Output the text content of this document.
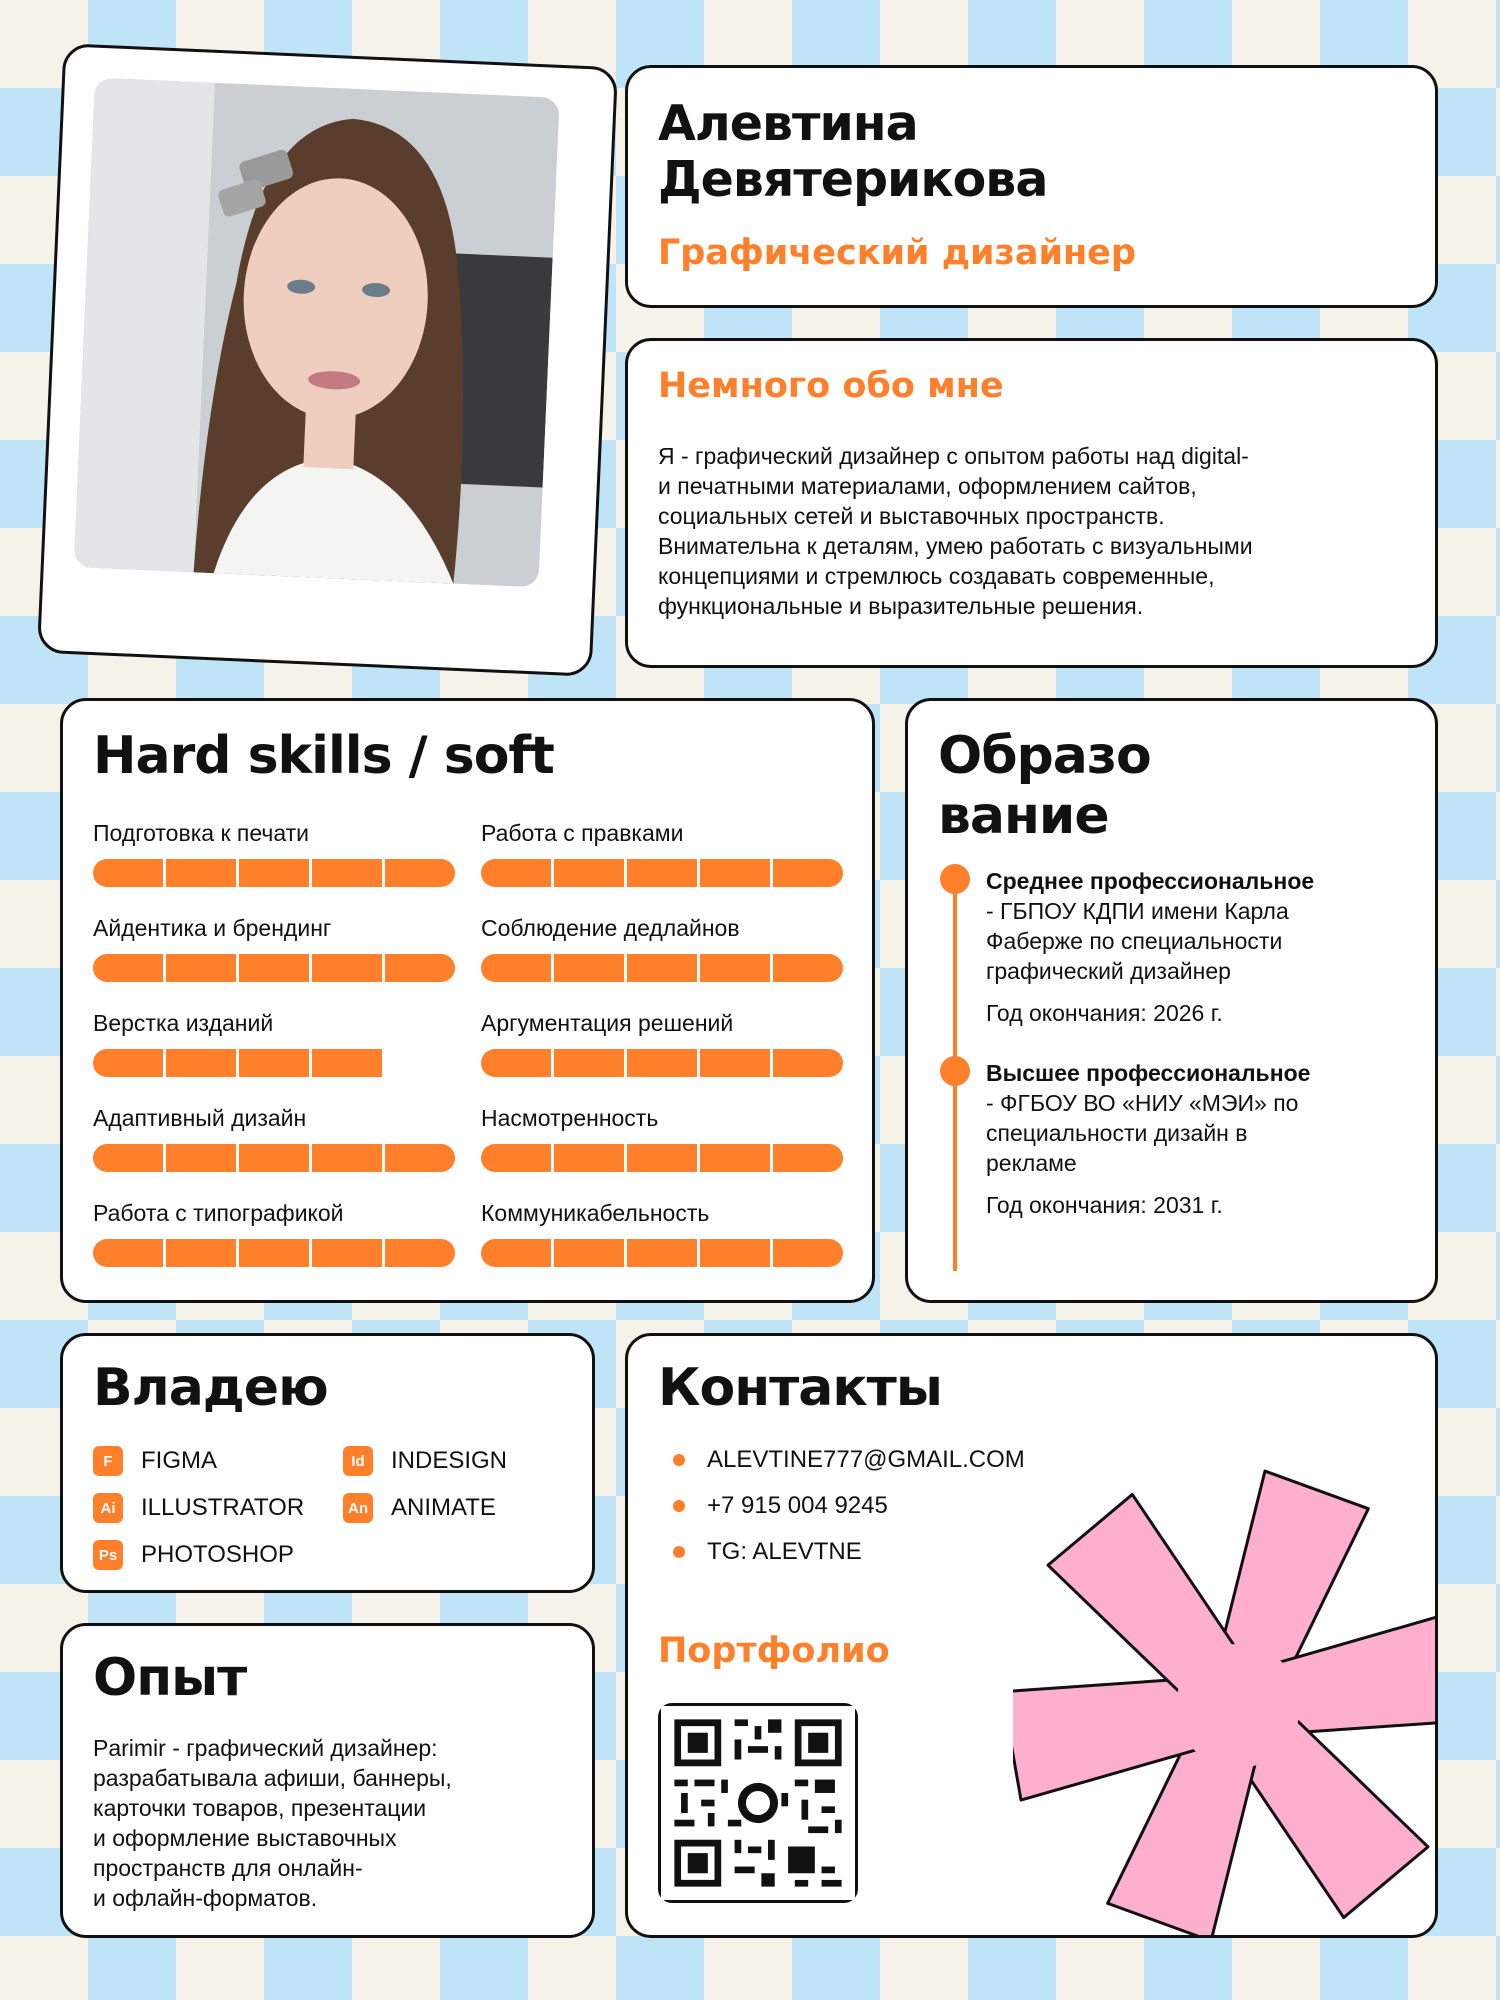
Алевтина
Девятерикова
Графический дизайнер
Немного обо мне
Я - графический дизайнер с опытом работы над digital-
и печатными материалами, оформлением сайтов,
социальных сетей и выставочных пространств.
Внимательна к деталям, умею работать с визуальными
концепциями и стремлюсь создавать современные,
функциональные и выразительные решения.
Hard skills / soft
Подготовка к печати
Айдентика и брендинг
Верстка изданий
Адаптивный дизайн
Работа с типографикой
Работа с правками
Соблюдение дедлайнов
Аргументация решений
Насмотренность
Коммуникабельность
Образо
вание
Среднее профессиональное
- ГБПОУ КДПИ имени Карла
Фаберже по специальности
графический дизайнер
Год окончания: 2026 г.
Высшее профессиональное
- ФГБОУ ВО «НИУ «МЭИ» по
специальности дизайн в
рекламе
Год окончания: 2031 г.
Владею
F	FIGMA	Id	INDESIGN
Ai	ILLUSTRATOR	An ANIMATE
Ps PHOTOSHOP
Опыт
Parimir - графический дизайнер:
разрабатывала афиши, баннеры,
карточки товаров, презентации
и оформление выставочных
пространств для онлайн-
и офлайн-форматов.
Контакты
ALEVTINE777@GMAIL.COM
+7 915 004 9245
TG: ALEVTNE
Портфолио
